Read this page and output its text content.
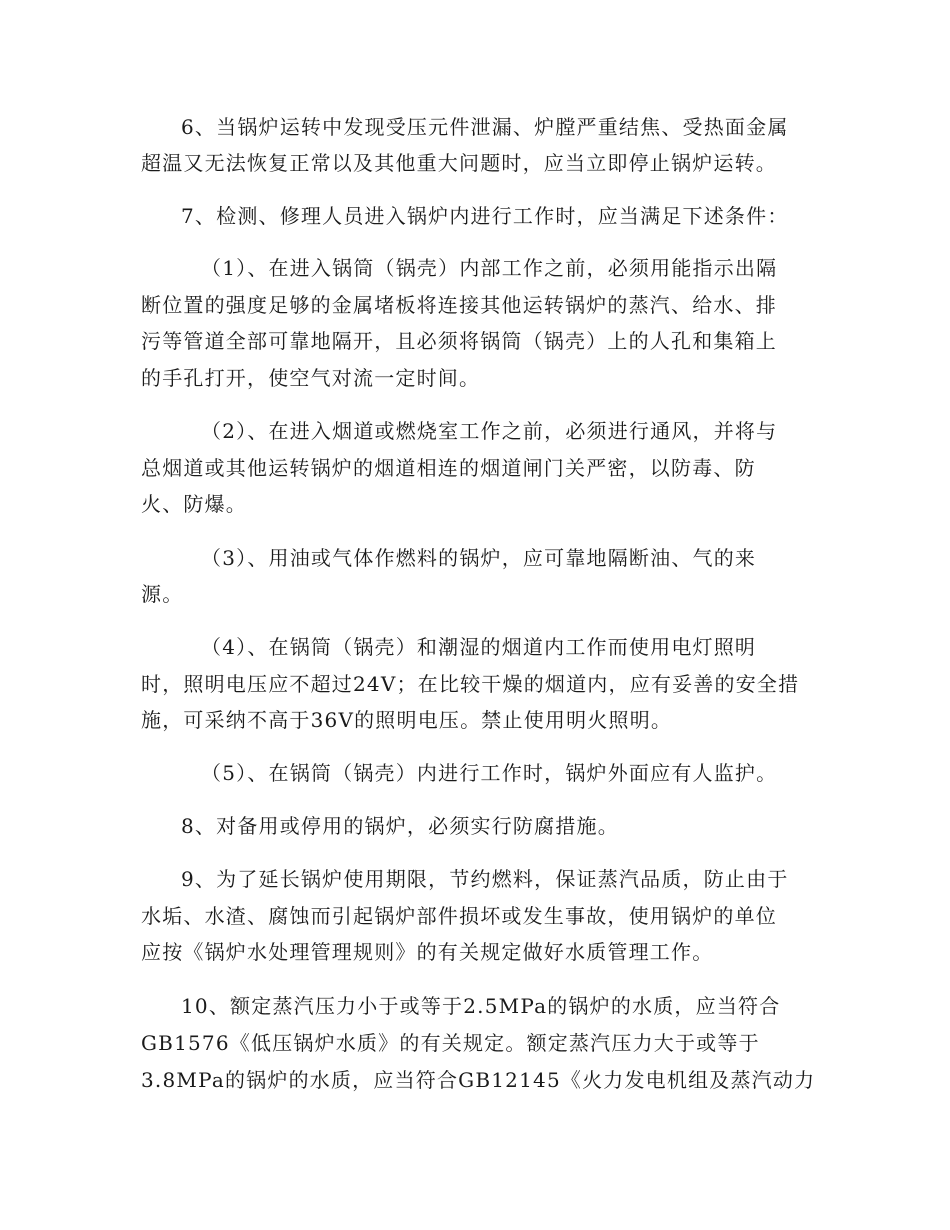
6、当锅炉运转中发现受压元件泄漏、炉膛严重结焦、受热面金属
超温又无法恢复正常以及其他重大问题时，应当立即停止锅炉运转。
7、检测、修理人员进入锅炉内进行工作时，应当满足下述条件：
（1）、在进入锅筒（锅壳）内部工作之前，必须用能指示出隔
断位置的强度足够的金属堵板将连接其他运转锅炉的蒸汽、给水、排
污等管道全部可靠地隔开，且必须将锅筒（锅壳）上的人孔和集箱上
的手孔打开，使空气对流一定时间。
（2）、在进入烟道或燃烧室工作之前，必须进行通风，并将与
总烟道或其他运转锅炉的烟道相连的烟道闸门关严密，以防毒、防
火、防爆。
（3）、用油或气体作燃料的锅炉，应可靠地隔断油、气的来
源。
（4）、在锅筒（锅壳）和潮湿的烟道内工作而使用电灯照明
时，照明电压应不超过24V；在比较干燥的烟道内，应有妥善的安全措
施，可采纳不高于36V的照明电压。禁止使用明火照明。
（5）、在锅筒（锅壳）内进行工作时，锅炉外面应有人监护。
8、对备用或停用的锅炉，必须实行防腐措施。
9、为了延长锅炉使用期限，节约燃料，保证蒸汽品质，防止由于
水垢、水渣、腐蚀而引起锅炉部件损坏或发生事故，使用锅炉的单位
应按《锅炉水处理管理规则》的有关规定做好水质管理工作。
10、额定蒸汽压力小于或等于2.5MPa的锅炉的水质，应当符合
GB1576《低压锅炉水质》的有关规定。额定蒸汽压力大于或等于
3.8MPa的锅炉的水质，应当符合GB12145《火力发电机组及蒸汽动力
